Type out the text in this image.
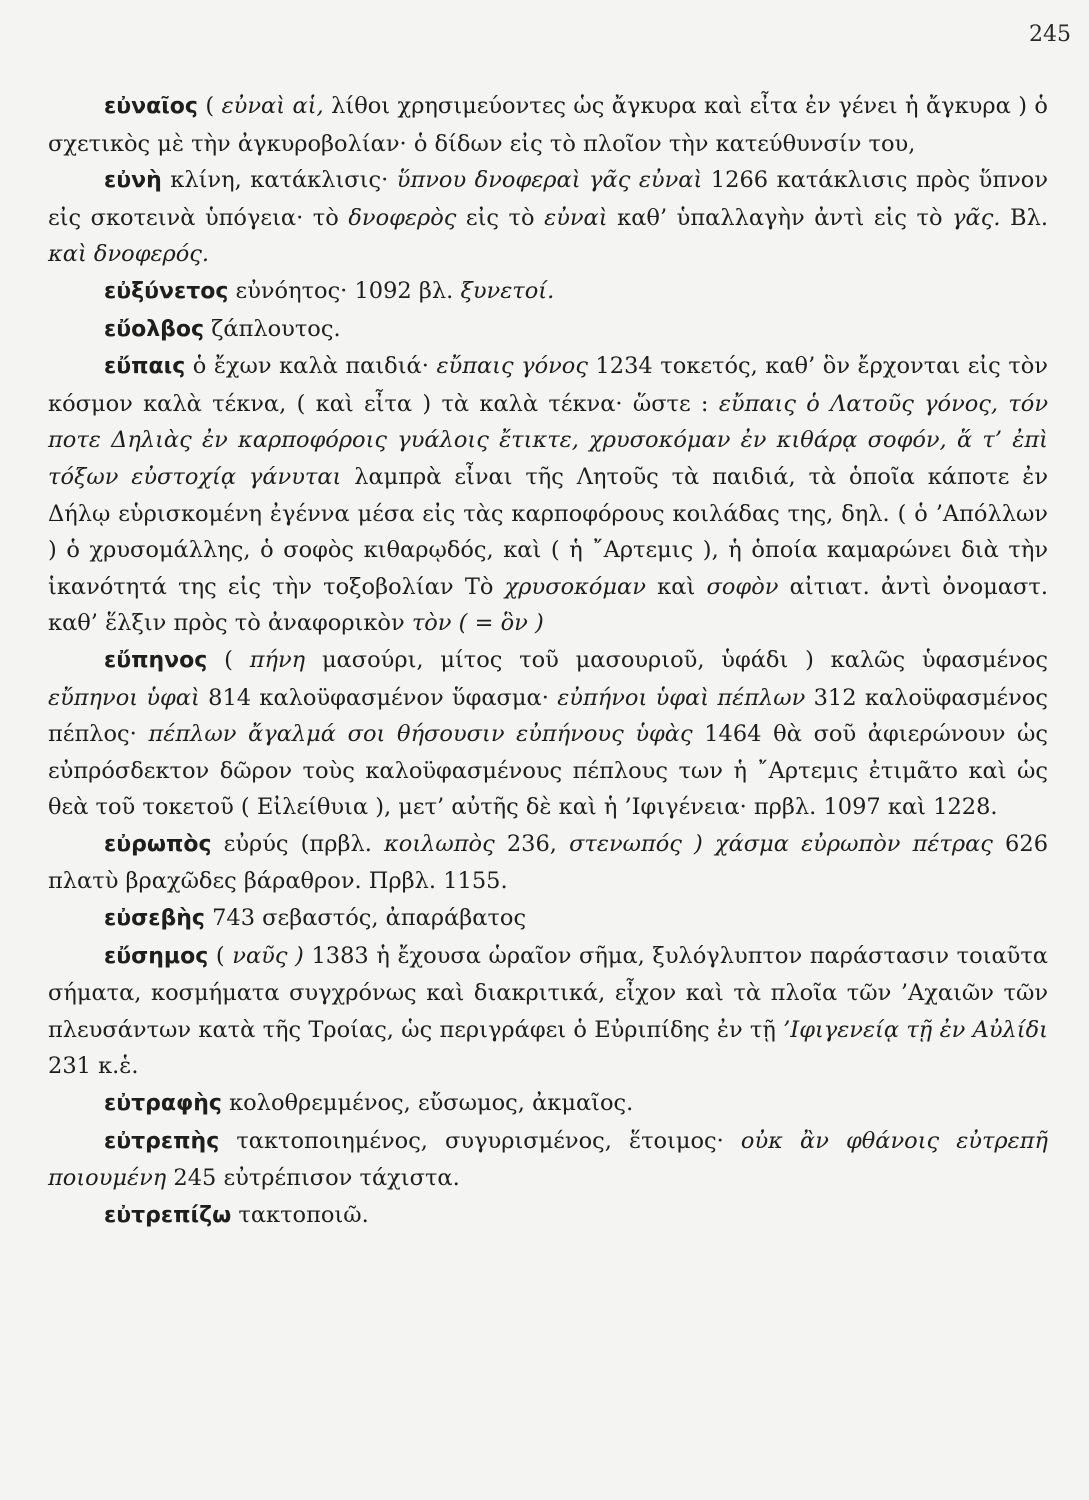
245

εὐναῖος ( εὐναὶ αἱ, λίθοι χρησιμεύοντες ὡς ἄγκυρα καὶ εἶτα ἐν γένει ἡ ἄγκυρα ) ὁ σχετικὸς μὲ τὴν ἀγκυροβολίαν· ὁ δίδων εἰς τὸ πλοῖον τὴν κατεύθυνσίν του,

εὐνὴ κλίνη, κατάκλισις· ὕπνου δνοφεραὶ γᾶς εὐναὶ 1266 κατάκλισις πρὸς ὕπνον εἰς σκοτεινὰ ὑπόγεια· τὸ δνοφερὸς εἰς τὸ εὐναὶ καθ’ ὑπαλλαγὴν ἀντὶ εἰς τὸ γᾶς. Βλ. καὶ δνοφερός.

εὐξύνετος εὐνόητος· 1092 βλ. ξυνετοί.

εὔολβος ζάπλουτος.

εὔπαις ὁ ἔχων καλὰ παιδιά· εὔπαις γόνος 1234 τοκετός, καθ’ ὃν ἔρχονται εἰς τὸν κόσμον καλὰ τέκνα, ( καὶ εἶτα ) τὰ καλὰ τέκνα· ὥστε : εὔπαις ὁ Λατοῦς γόνος, τόν ποτε Δηλιὰς ἐν καρποφόροις γυάλοις ἔτικτε, χρυσοκόμαν ἐν κιθάρᾳ σοφόν, ἅ τ’ ἐπὶ τόξων εὐστοχίᾳ γάνυται λαμπρὰ εἶναι τῆς Λητοῦς τὰ παιδιά, τὰ ὁποῖα κάποτε ἐν Δήλῳ εὑρισκομένη ἐγέννα μέσα εἰς τὰς καρποφόρους κοιλάδας της, δηλ. ( ὁ ’Απόλλων ) ὁ χρυσομάλλης, ὁ σοφὸς κιθαρῳδός, καὶ ( ἡ ῎Αρτεμις ), ἡ ὁποία καμαρώνει διὰ τὴν ἱκανότητά της εἰς τὴν τοξοβολίαν Τὸ χρυσοκόμαν καὶ σοφὸν αἰτιατ. ἀντὶ ὀνομαστ. καθ’ ἕλξιν πρὸς τὸ ἀναφορικὸν τὸν ( = ὃν )

εὔπηνος ( πήνη μασούρι, μίτος τοῦ μασουριοῦ, ὑφάδι ) καλῶς ὑφασμένος εὔπηνοι ὑφαὶ 814 καλοϋφασμένον ὕφασμα· εὐπήνοι ὑφαὶ πέπλων 312 καλοϋφασμένος πέπλος· πέπλων ἄγαλμά σοι θήσουσιν εὐπήνους ὑφὰς 1464 θὰ σοῦ ἀφιερώνουν ὡς εὐπρόσδεκτον δῶρον τοὺς καλοϋφασμένους πέπλους των ἡ ῎Αρτεμις ἐτιμᾶτο καὶ ὡς θεὰ τοῦ τοκετοῦ ( Εἰλείθυια ), μετ’ αὐτῆς δὲ καὶ ἡ ’Ιφιγένεια· πρβλ. 1097 καὶ 1228.

εὐρωπὸς εὐρύς (πρβλ. κοιλωπὸς 236, στενωπός ) χάσμα εὐρωπὸν πέτρας 626 πλατὺ βραχῶδες βάραθρον. Πρβλ. 1155.

εὐσεβὴς 743 σεβαστός, ἀπαράβατος

εὔσημος ( ναῦς ) 1383 ἡ ἔχουσα ὡραῖον σῆμα, ξυλόγλυπτον παράστασιν τοιαῦτα σήματα, κοσμήματα συγχρόνως καὶ διακριτικά, εἶχον καὶ τὰ πλοῖα τῶν ’Αχαιῶν τῶν πλευσάντων κατὰ τῆς Τροίας, ὡς περιγράφει ὁ Εὐριπίδης ἐν τῇ ’Ιφιγενείᾳ τῇ ἐν Αὐλίδι 231 κ.ἑ.

εὐτραφὴς κολοθρεμμένος, εὔσωμος, ἀκμαῖος.

εὐτρεπὴς τακτοποιημένος, συγυρισμένος, ἕτοιμος· οὐκ ἂν φθάνοις εὐτρεπῆ ποιουμένη 245 εὐτρέπισον τάχιστα.

εὐτρεπίζω τακτοποιῶ.
